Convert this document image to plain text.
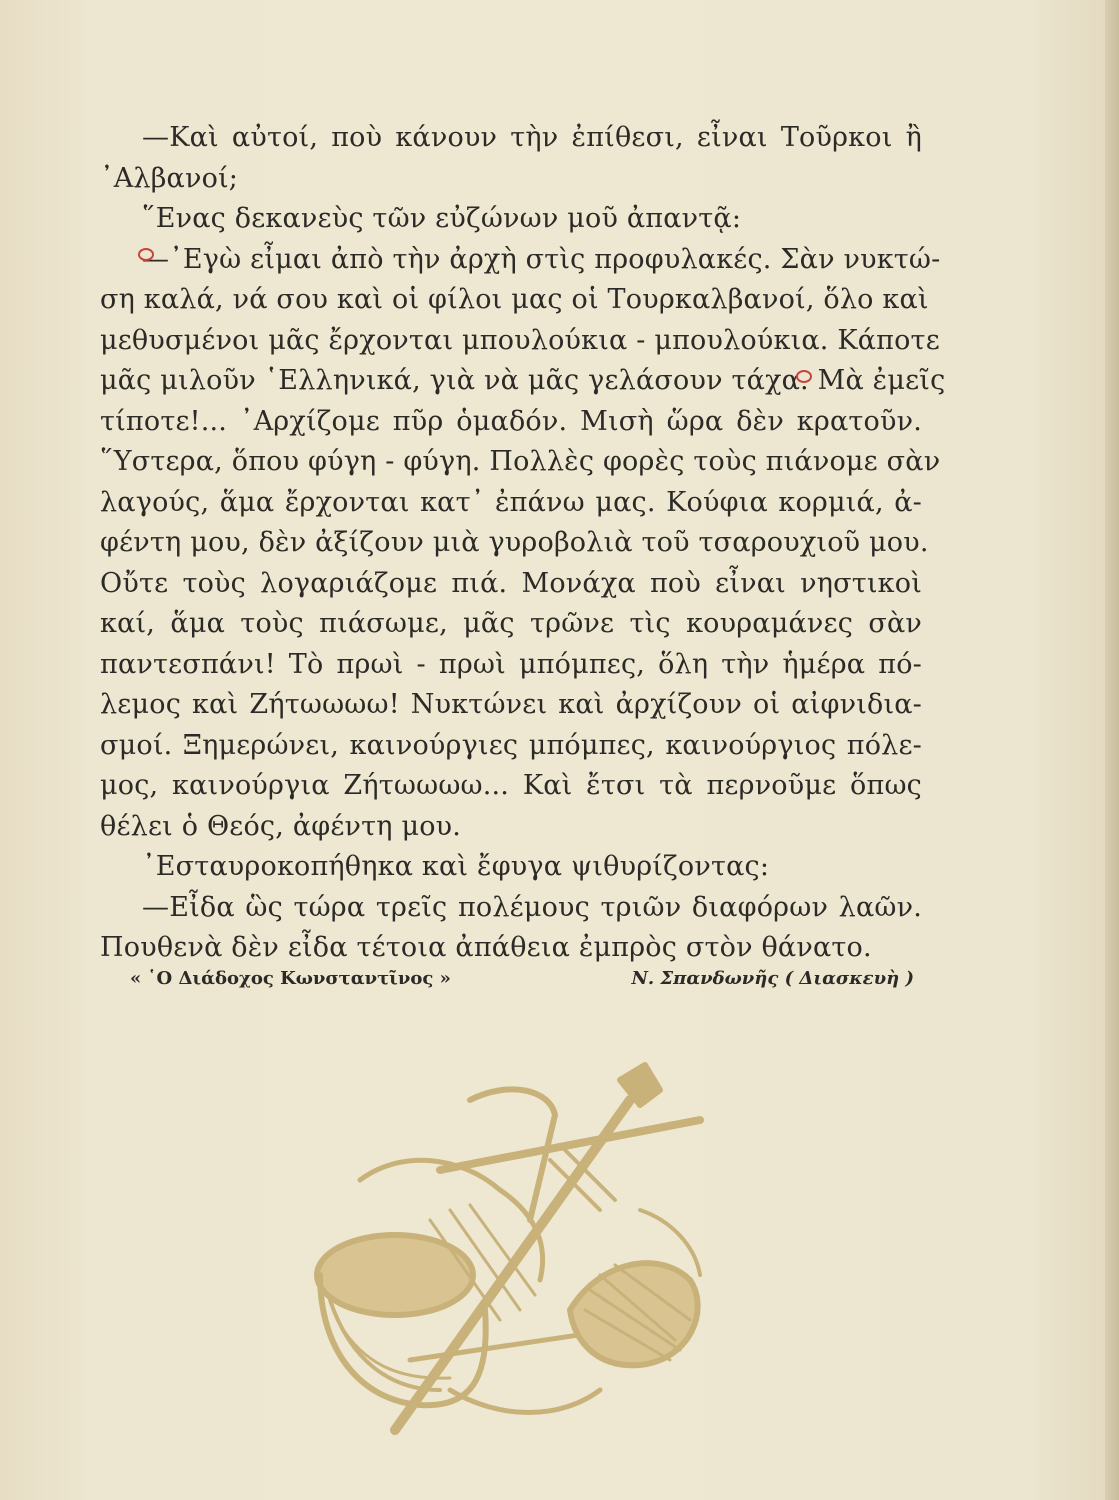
—Καὶ αὐτοί, ποὺ κάνουν τὴν ἐπίθεσι, εἶναι Τοῦρκοι ἢ
᾿Αλβανοί;
῞Ενας δεκανεὺς τῶν εὐζώνων μοῦ ἀπαντᾷ:
—᾿Εγὼ εἶμαι ἀπὸ τὴν ἀρχὴ στὶς προφυλακές. Σὰν νυκτώ-
ση καλά, νά σου καὶ οἱ φίλοι μας οἱ Τουρκαλβανοί, ὅλο καὶ
μεθυσμένοι μᾶς ἔρχονται μπουλούκια - μπουλούκια. Κάποτε
μᾶς μιλοῦν ῾Ελληνικά, γιὰ νὰ μᾶς γελάσουν τάχα. Μὰ ἐμεῖς
τίποτε!... ᾿Αρχίζομε πῦρ ὁμαδόν. Μισὴ ὥρα δὲν κρατοῦν.
῞Υστερα, ὅπου φύγη - φύγη. Πολλὲς φορὲς τοὺς πιάνομε σὰν
λαγούς, ἅμα ἔρχονται κατ᾿ ἐπάνω μας. Κούφια κορμιά, ἀ-
φέντη μου, δὲν ἀξίζουν μιὰ γυροβολιὰ τοῦ τσαρουχιοῦ μου.
Οὔτε τοὺς λογαριάζομε πιά. Μονάχα ποὺ εἶναι νηστικοὶ
καί, ἅμα τοὺς πιάσωμε, μᾶς τρῶνε τὶς κουραμάνες σὰν
παντεσπάνι! Τὸ πρωὶ - πρωὶ μπόμπες, ὅλη τὴν ἡμέρα πό-
λεμος καὶ Ζήτωωωω! Νυκτώνει καὶ ἀρχίζουν οἱ αἰφνιδια-
σμοί. Ξημερώνει, καινούργιες μπόμπες, καινούργιος πόλε-
μος, καινούργια Ζήτωωωω... Καὶ ἔτσι τὰ περνοῦμε ὅπως
θέλει ὁ Θεός, ἀφέντη μου.
᾿Εσταυροκοπήθηκα καὶ ἔφυγα ψιθυρίζοντας:
—Εἶδα ὣς τώρα τρεῖς πολέμους τριῶν διαφόρων λαῶν.
Πουθενὰ δὲν εἶδα τέτοια ἀπάθεια ἐμπρὸς στὸν θάνατο.
« ῾Ο Διάδοχος Κωνσταντῖνος »	Ν. Σπανδωνῆς ( Διασκευὴ )
